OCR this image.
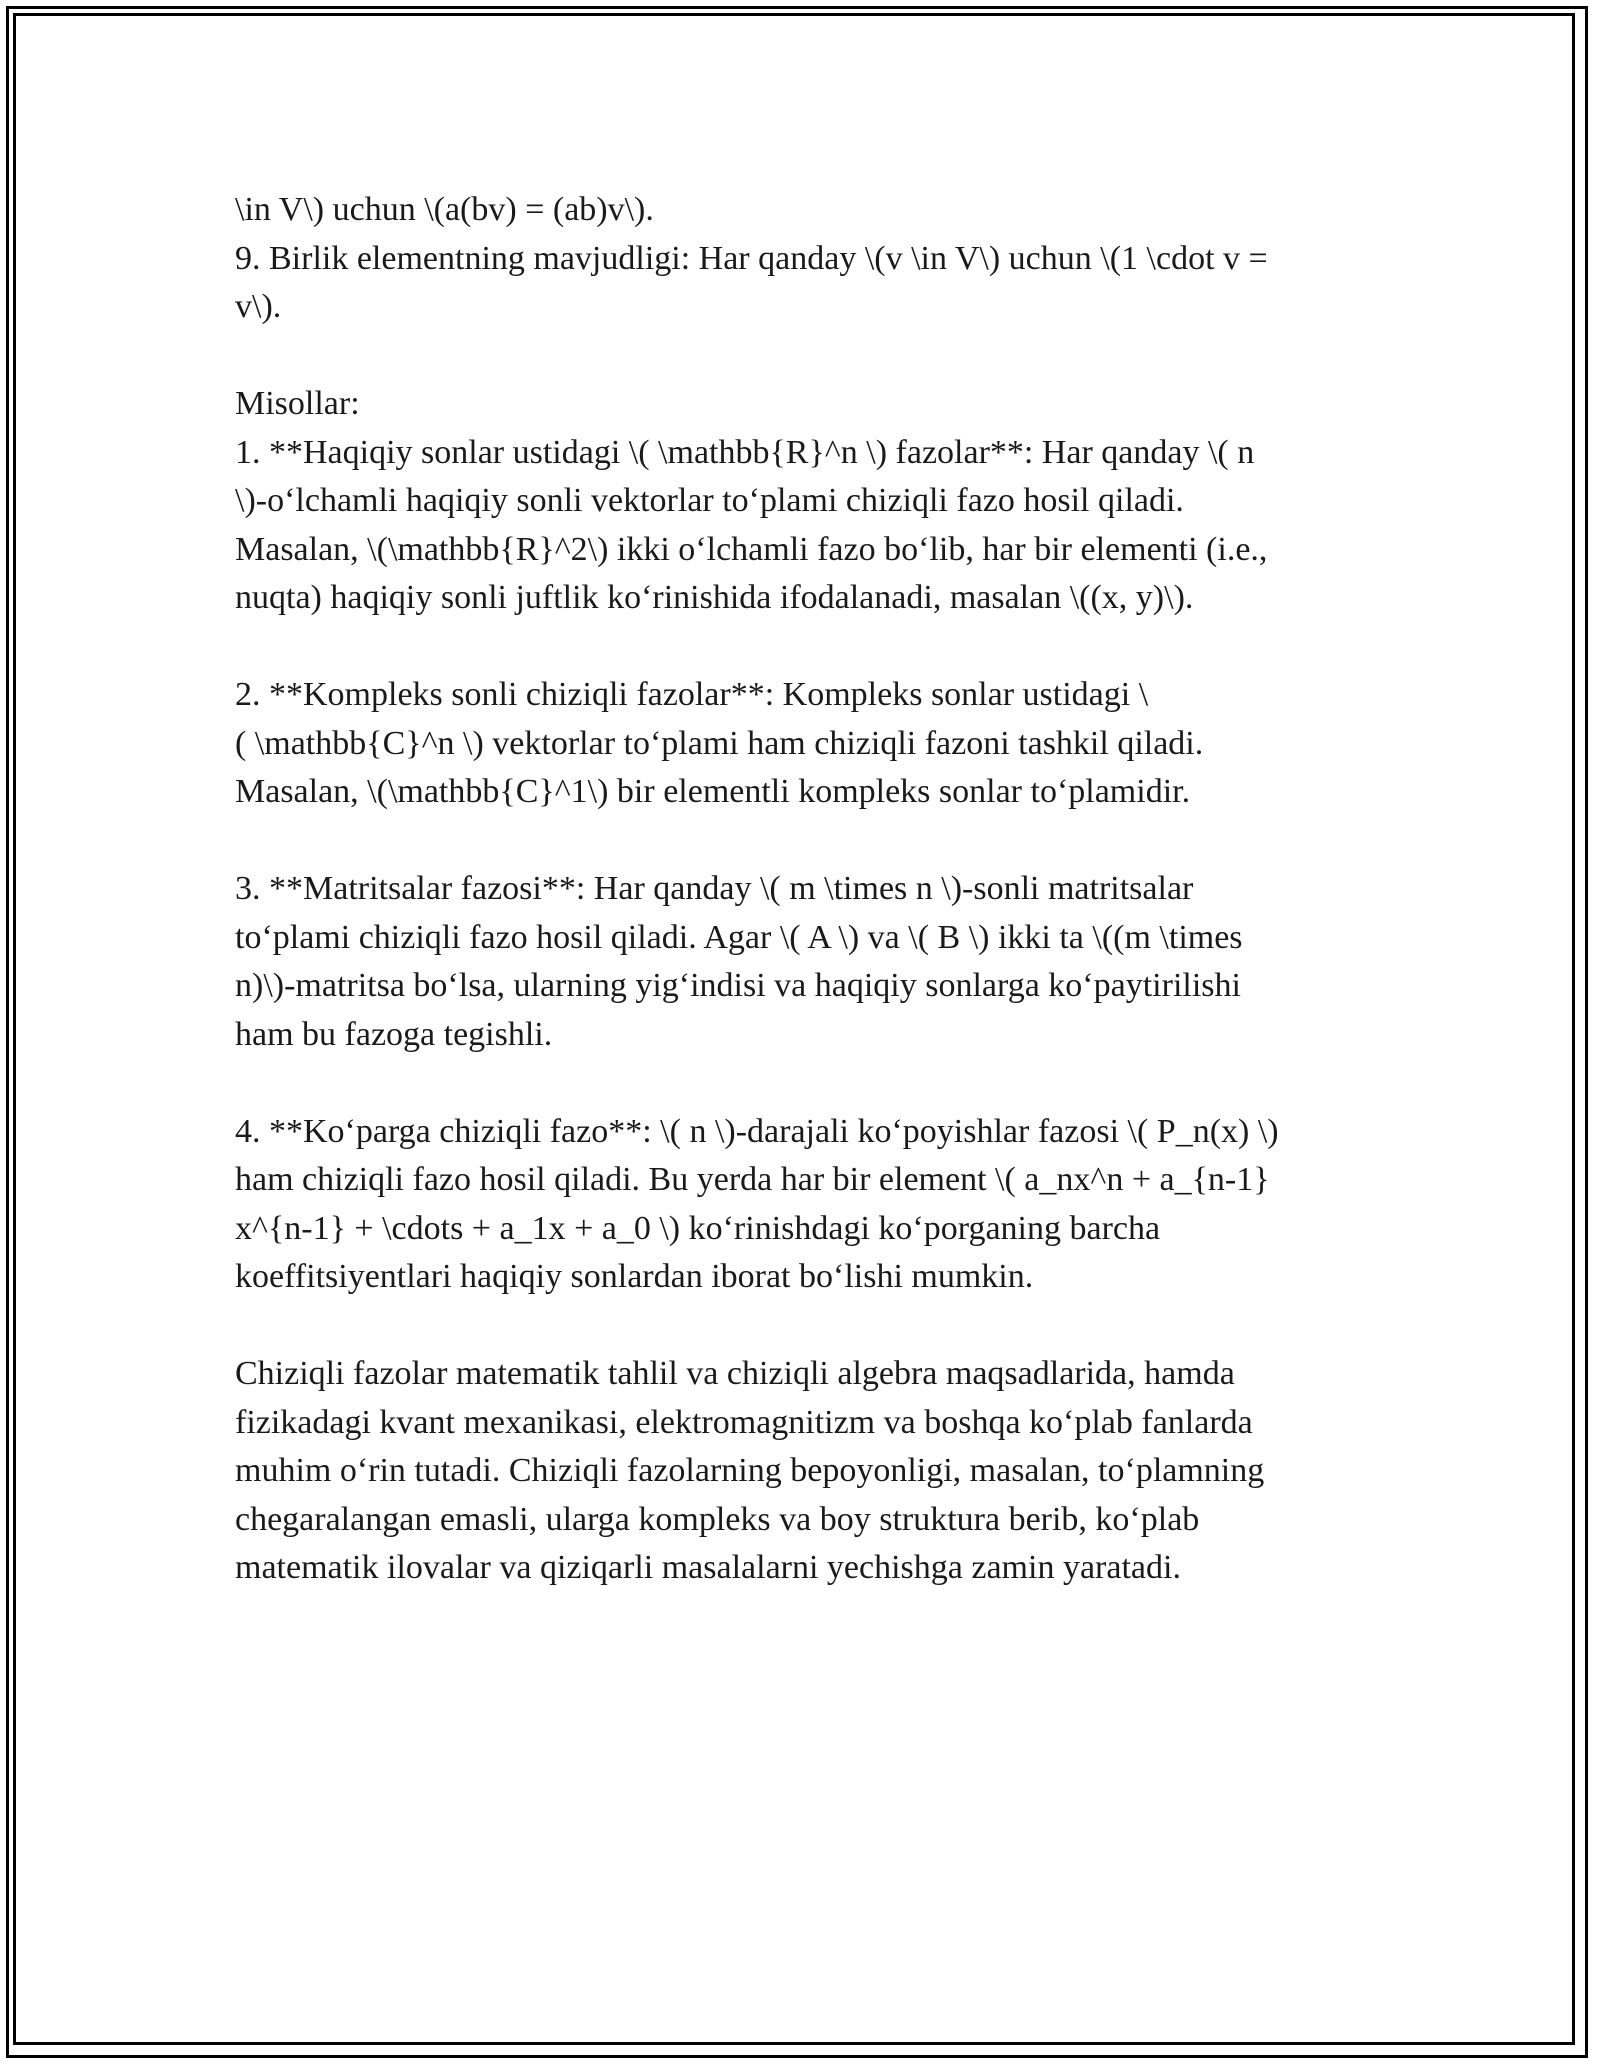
\in V\) uchun \(a(bv) = (ab)v\).
9. Birlik elementning mavjudligi: Har qanday \(v \in V\) uchun \(1 \cdot v =
v\).
Misollar:
1. **Haqiqiy sonlar ustidagi \( \mathbb{R}^n \) fazolar**: Har qanday \( n
\)-o‘lchamli haqiqiy sonli vektorlar to‘plami chiziqli fazo hosil qiladi.
Masalan, \(\mathbb{R}^2\) ikki o‘lchamli fazo bo‘lib, har bir elementi (i.e.,
nuqta) haqiqiy sonli juftlik ko‘rinishida ifodalanadi, masalan \((x, y)\).
2. **Kompleks sonli chiziqli fazolar**: Kompleks sonlar ustidagi \
( \mathbb{C}^n \) vektorlar to‘plami ham chiziqli fazoni tashkil qiladi.
Masalan, \(\mathbb{C}^1\) bir elementli kompleks sonlar to‘plamidir.
3. **Matritsalar fazosi**: Har qanday \( m \times n \)-sonli matritsalar
to‘plami chiziqli fazo hosil qiladi. Agar \( A \) va \( B \) ikki ta \((m \times
n)\)-matritsa bo‘lsa, ularning yig‘indisi va haqiqiy sonlarga ko‘paytirilishi
ham bu fazoga tegishli.
4. **Ko‘parga chiziqli fazo**: \( n \)-darajali ko‘poyishlar fazosi \( P_n(x) \)
ham chiziqli fazo hosil qiladi. Bu yerda har bir element \( a_nx^n + a_{n-1}
x^{n-1} + \cdots + a_1x + a_0 \) ko‘rinishdagi ko‘porganing barcha
koeffitsiyentlari haqiqiy sonlardan iborat bo‘lishi mumkin.
Chiziqli fazolar matematik tahlil va chiziqli algebra maqsadlarida, hamda
fizikadagi kvant mexanikasi, elektromagnitizm va boshqa ko‘plab fanlarda
muhim o‘rin tutadi. Chiziqli fazolarning bepoyonligi, masalan, to‘plamning
chegaralangan emasli, ularga kompleks va boy struktura berib, ko‘plab
matematik ilovalar va qiziqarli masalalarni yechishga zamin yaratadi.
